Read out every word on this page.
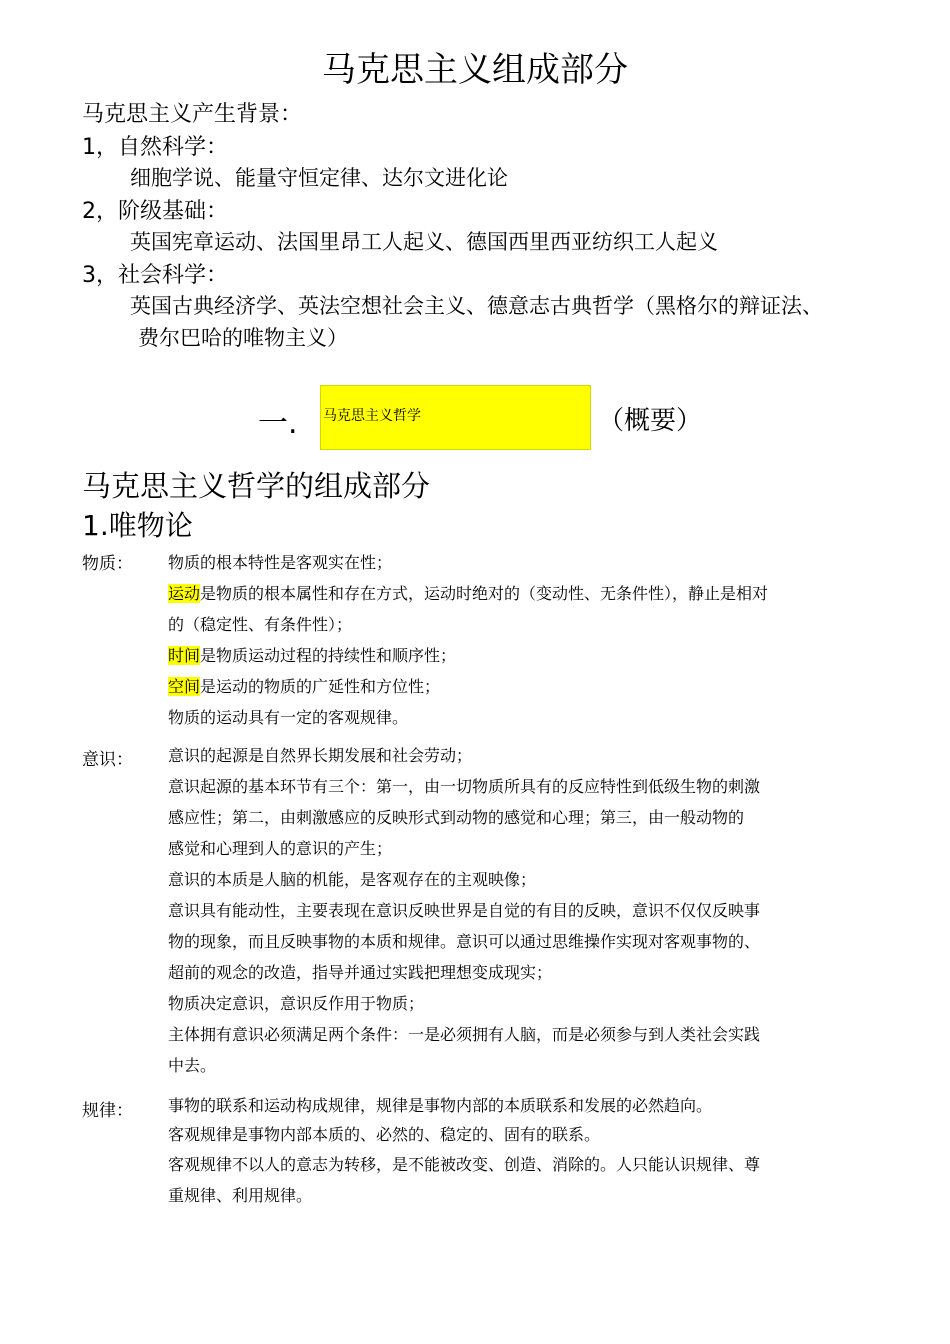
马克思主义组成部分
马克思主义产生背景：
1，自然科学：
细胞学说、能量守恒定律、达尔文进化论
2，阶级基础：
英国宪章运动、法国里昂工人起义、德国西里西亚纺织工人起义
3，社会科学：
英国古典经济学、英法空想社会主义、德意志古典哲学（黑格尔的辩证法、
费尔巴哈的唯物主义）
一. 马克思主义哲学	（概要）
马克思主义哲学的组成部分
1.唯物论
物质： 物质的根本特性是客观实在性；
运动是物质的根本属性和存在方式，运动时绝对的（变动性、无条件性），静止是相对
的（稳定性、有条件性）；
时间是物质运动过程的持续性和顺序性；
空间是运动的物质的广延性和方位性；
物质的运动具有一定的客观规律。
意识： 意识的起源是自然界长期发展和社会劳动；
意识起源的基本环节有三个：第一，由一切物质所具有的反应特性到低级生物的刺激
感应性；第二，由刺激感应的反映形式到动物的感觉和心理；第三，由一般动物的
感觉和心理到人的意识的产生；
意识的本质是人脑的机能，是客观存在的主观映像；
意识具有能动性，主要表现在意识反映世界是自觉的有目的反映，意识不仅仅反映事
物的现象，而且反映事物的本质和规律。意识可以通过思维操作实现对客观事物的、
超前的观念的改造，指导并通过实践把理想变成现实；
物质决定意识，意识反作用于物质；
主体拥有意识必须满足两个条件：一是必须拥有人脑，而是必须参与到人类社会实践
中去。
规律： 事物的联系和运动构成规律，规律是事物内部的本质联系和发展的必然趋向。
客观规律是事物内部本质的、必然的、稳定的、固有的联系。
客观规律不以人的意志为转移，是不能被改变、创造、消除的。人只能认识规律、尊
重规律、利用规律。
